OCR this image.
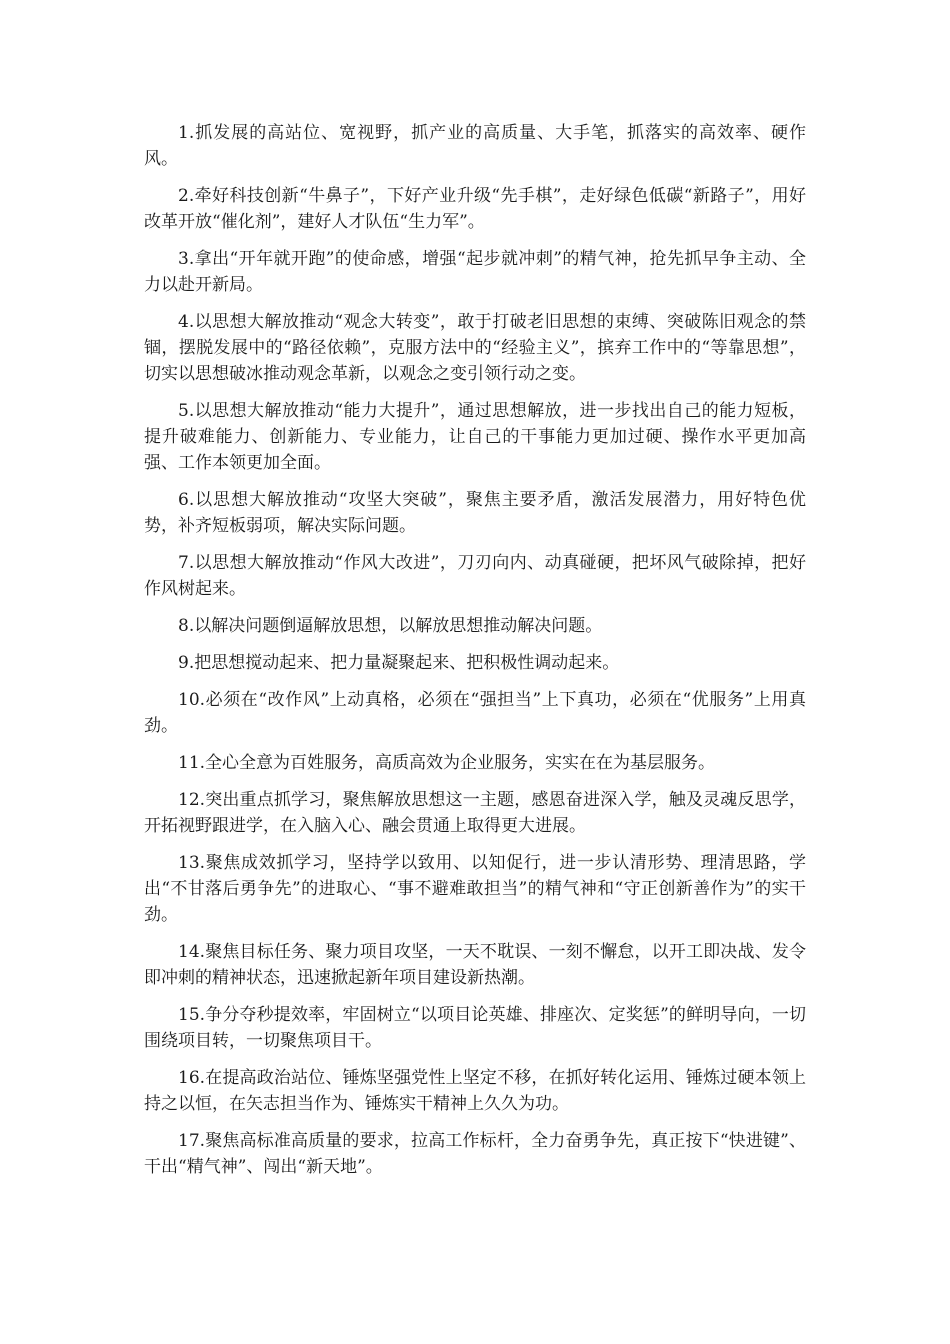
1.抓发展的高站位、宽视野，抓产业的高质量、大手笔，抓落实的高效率、硬作风。

2.牵好科技创新“牛鼻子”，下好产业升级“先手棋”，走好绿色低碳“新路子”，用好改革开放“催化剂”，建好人才队伍“生力军”。

3.拿出“开年就开跑”的使命感，增强“起步就冲刺”的精气神，抢先抓早争主动、全力以赴开新局。

4.以思想大解放推动“观念大转变”，敢于打破老旧思想的束缚、突破陈旧观念的禁锢，摆脱发展中的“路径依赖”，克服方法中的“经验主义”，摈弃工作中的“等靠思想”，切实以思想破冰推动观念革新，以观念之变引领行动之变。

5.以思想大解放推动“能力大提升”，通过思想解放，进一步找出自己的能力短板，提升破难能力、创新能力、专业能力，让自己的干事能力更加过硬、操作水平更加高强、工作本领更加全面。

6.以思想大解放推动“攻坚大突破”，聚焦主要矛盾，激活发展潜力，用好特色优势，补齐短板弱项，解决实际问题。

7.以思想大解放推动“作风大改进”，刀刃向内、动真碰硬，把坏风气破除掉，把好作风树起来。

8.以解决问题倒逼解放思想，以解放思想推动解决问题。

9.把思想搅动起来、把力量凝聚起来、把积极性调动起来。

10.必须在“改作风”上动真格，必须在“强担当”上下真功，必须在“优服务”上用真劲。

11.全心全意为百姓服务，高质高效为企业服务，实实在在为基层服务。

12.突出重点抓学习，聚焦解放思想这一主题，感恩奋进深入学，触及灵魂反思学，开拓视野跟进学，在入脑入心、融会贯通上取得更大进展。

13.聚焦成效抓学习，坚持学以致用、以知促行，进一步认清形势、理清思路，学出“不甘落后勇争先”的进取心、“事不避难敢担当”的精气神和“守正创新善作为”的实干劲。

14.聚焦目标任务、聚力项目攻坚，一天不耽误、一刻不懈怠，以开工即决战、发令即冲刺的精神状态，迅速掀起新年项目建设新热潮。

15.争分夺秒提效率，牢固树立“以项目论英雄、排座次、定奖惩”的鲜明导向，一切围绕项目转，一切聚焦项目干。

16.在提高政治站位、锤炼坚强党性上坚定不移，在抓好转化运用、锤炼过硬本领上持之以恒，在矢志担当作为、锤炼实干精神上久久为功。

17.聚焦高标准高质量的要求，拉高工作标杆，全力奋勇争先，真正按下“快进键”、干出“精气神”、闯出“新天地”。
